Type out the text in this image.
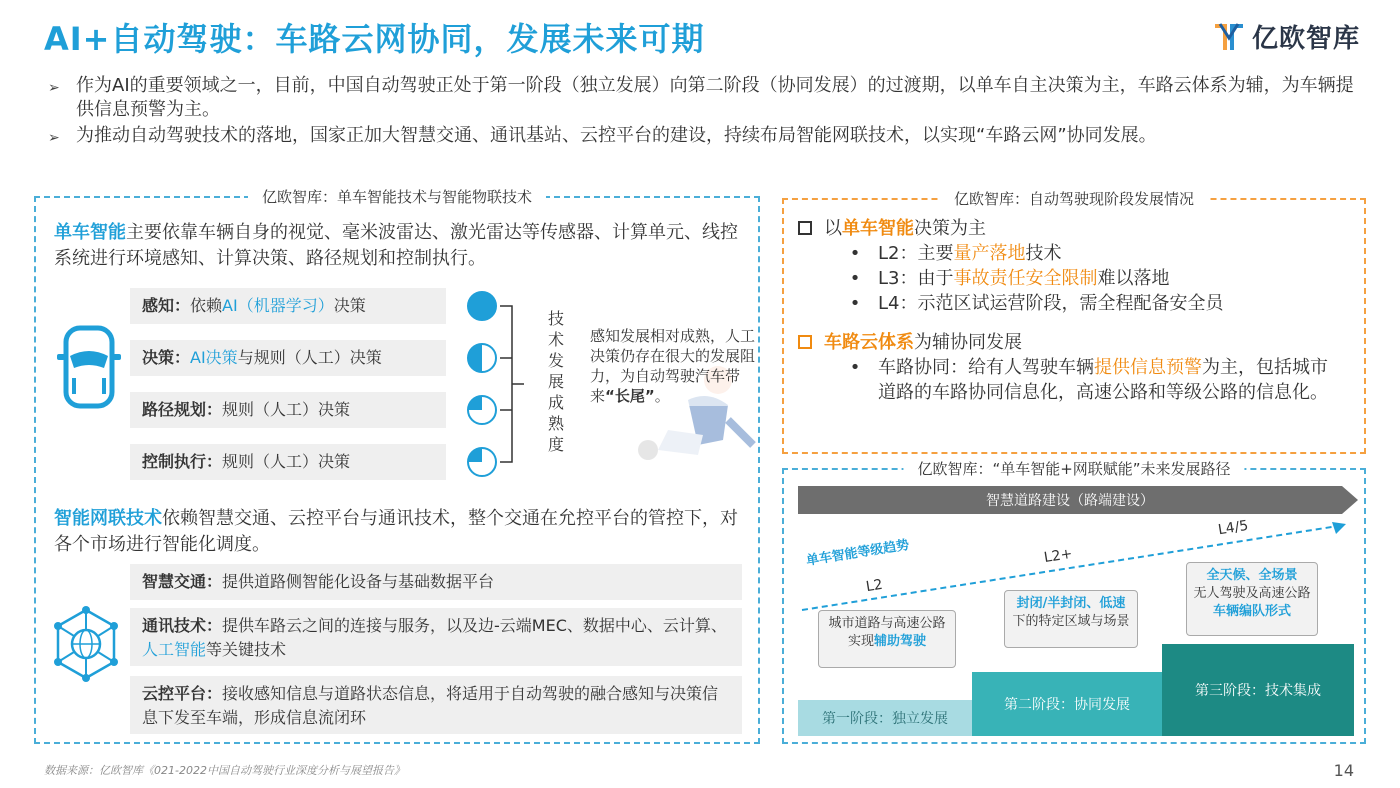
AI+自动驾驶：车路云网协同，发展未来可期	亿欧智库
➢ 作为AI的重要领域之一，目前，中国自动驾驶正处于第一阶段（独立发展）向第二阶段（协同发展）的过渡期，以单车自主决策为主，车路云体系为辅，为车辆提供信息预警为主。
➢ 为推动自动驾驶技术的落地，国家正加大智慧交通、通讯基站、云控平台的建设，持续布局智能网联技术，以实现“车路云网”协同发展。
亿欧智库：单车智能技术与智能物联技术
单车智能主要依靠车辆自身的视觉、毫米波雷达、激光雷达等传感器、计算单元、线控系统进行环境感知、计算决策、路径规划和控制执行。
感知：依赖AI（机器学习）决策
决策：AI决策与规则（人工）决策
路径规划：规则（人工）决策
控制执行：规则（人工）决策
技术发展成熟度
感知发展相对成熟，人工决策仍存在很大的发展阻力，为自动驾驶汽车带来“长尾”。
智能网联技术依赖智慧交通、云控平台与通讯技术，整个交通在允控平台的管控下，对各个市场进行智能化调度。
智慧交通：提供道路侧智能化设备与基础数据平台
通讯技术：提供车路云之间的连接与服务，以及边-云端MEC、数据中心、云计算、人工智能等关键技术
云控平台：接收感知信息与道路状态信息，将适用于自动驾驶的融合感知与决策信息下发至车端，形成信息流闭环
亿欧智库：自动驾驶现阶段发展情况
以单车智能决策为主
• L2：主要量产落地技术
• L3：由于事故责任安全限制难以落地
• L4：示范区试运营阶段，需全程配备安全员
车路云体系为辅协同发展
• 车路协同：给有人驾驶车辆提供信息预警为主，包括城市道路的车路协同信息化，高速公路和等级公路的信息化。
亿欧智库：“单车智能+网联赋能”未来发展路径
智慧道路建设（路端建设）
单车智能等级趋势
L2
L2+
L4/5
城市道路与高速公路实现辅助驾驶
封闭/半封闭、低速下的特定区域与场景
全天候、全场景
无人驾驶及高速公路车辆编队形式
第一阶段：独立发展
第二阶段：协同发展
第三阶段：技术集成
数据来源：亿欧智库《021-2022中国自动驾驶行业深度分析与展望报告》	14
